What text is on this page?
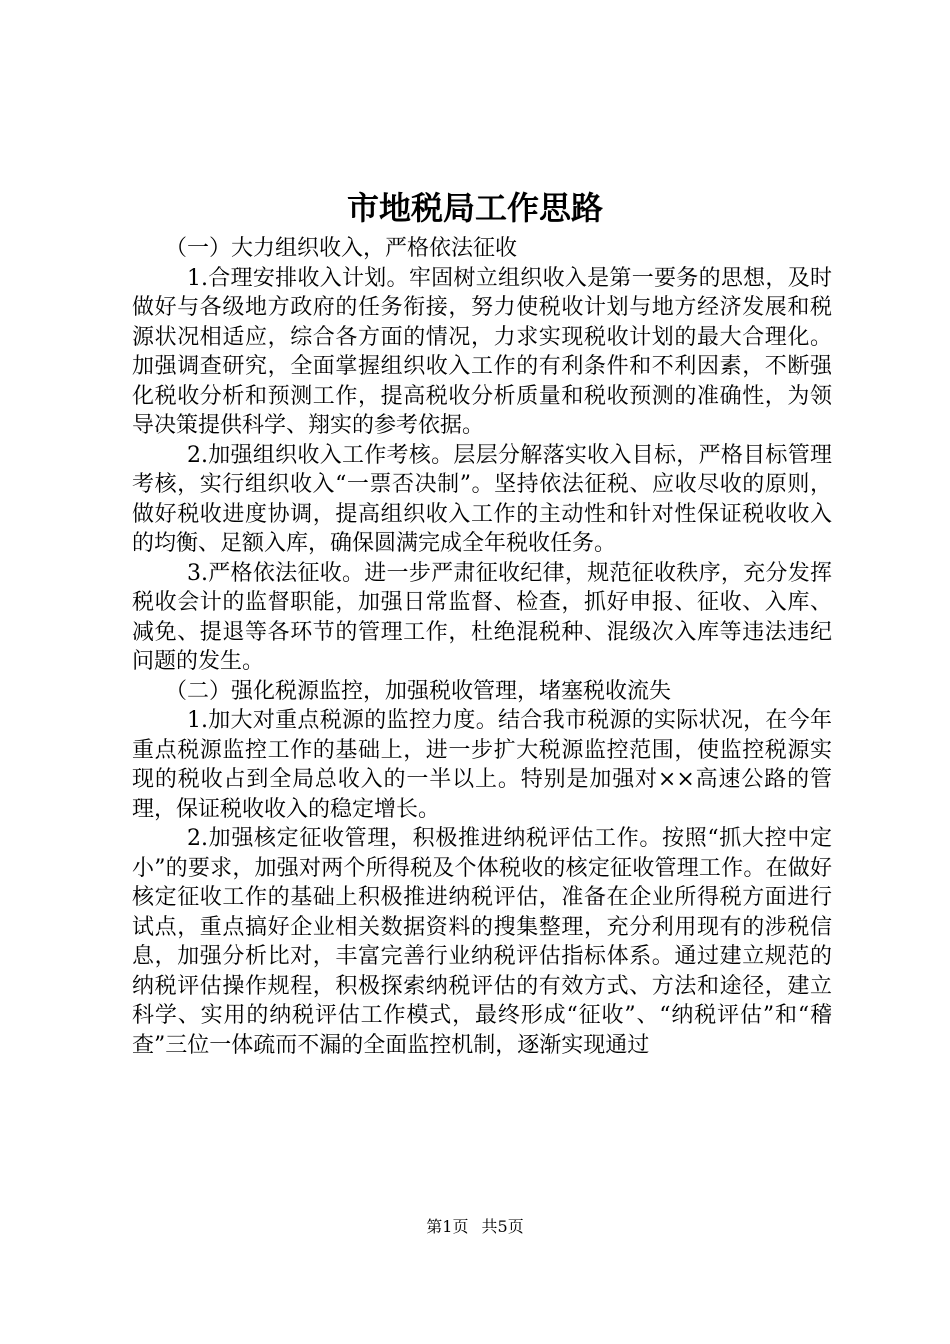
市地税局工作思路

（一）大力组织收入，严格依法征收

1.合理安排收入计划。牢固树立组织收入是第一要务的思想，及时做好与各级地方政府的任务衔接，努力使税收计划与地方经济发展和税源状况相适应，综合各方面的情况，力求实现税收计划的最大合理化。加强调查研究，全面掌握组织收入工作的有利条件和不利因素，不断强化税收分析和预测工作，提高税收分析质量和税收预测的准确性，为领导决策提供科学、翔实的参考依据。

2.加强组织收入工作考核。层层分解落实收入目标，严格目标管理考核，实行组织收入“一票否决制”。坚持依法征税、应收尽收的原则，做好税收进度协调，提高组织收入工作的主动性和针对性保证税收收入的均衡、足额入库，确保圆满完成全年税收任务。

3.严格依法征收。进一步严肃征收纪律，规范征收秩序，充分发挥税收会计的监督职能，加强日常监督、检查，抓好申报、征收、入库、减免、提退等各环节的管理工作，杜绝混税种、混级次入库等违法违纪问题的发生。

（二）强化税源监控，加强税收管理，堵塞税收流失

1.加大对重点税源的监控力度。结合我市税源的实际状况，在今年重点税源监控工作的基础上，进一步扩大税源监控范围，使监控税源实现的税收占到全局总收入的一半以上。特别是加强对××高速公路的管理，保证税收收入的稳定增长。

2.加强核定征收管理，积极推进纳税评估工作。按照“抓大控中定小”的要求，加强对两个所得税及个体税收的核定征收管理工作。在做好核定征收工作的基础上积极推进纳税评估，准备在企业所得税方面进行试点，重点搞好企业相关数据资料的搜集整理，充分利用现有的涉税信息，加强分析比对，丰富完善行业纳税评估指标体系。通过建立规范的纳税评估操作规程，积极探索纳税评估的有效方式、方法和途径，建立科学、实用的纳税评估工作模式，最终形成“征收”、“纳税评估”和“稽查”三位一体疏而不漏的全面监控机制，逐渐实现通过

第1页 共5页
